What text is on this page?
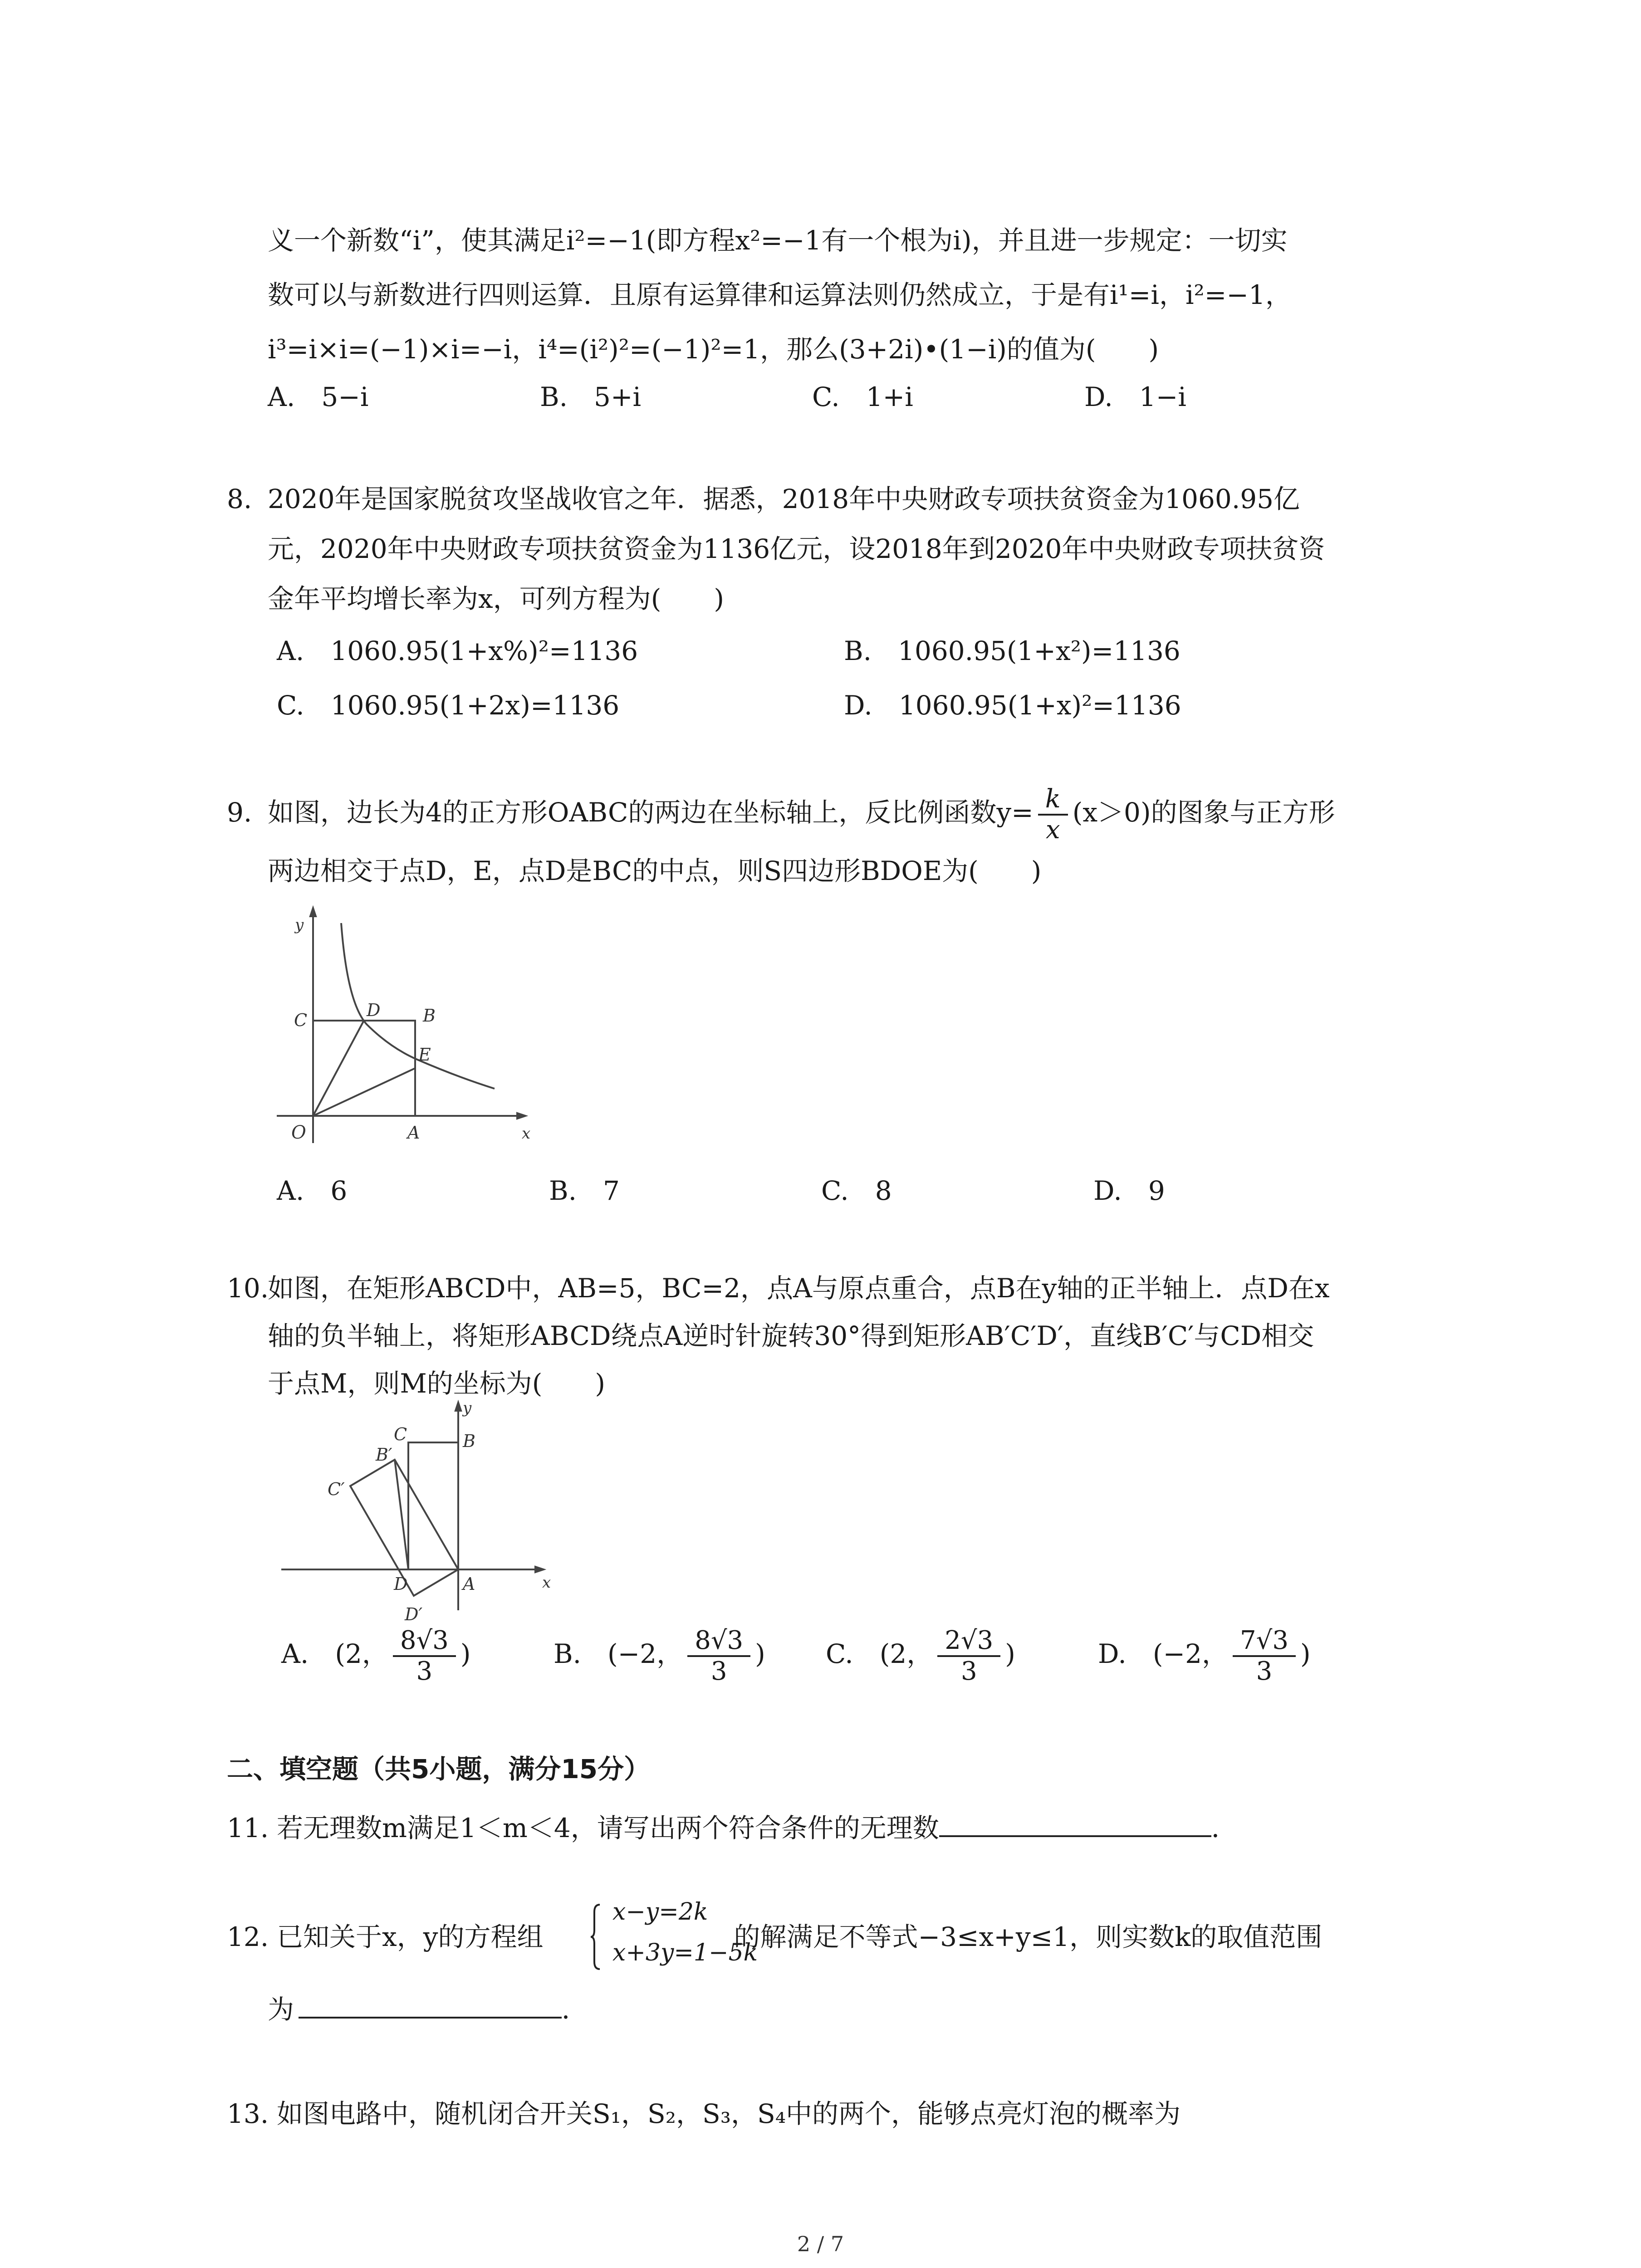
义一个新数“i”，使其满足i²=−1(即方程x²=−1有一个根为i)，并且进一步规定：一切实
数可以与新数进行四则运算．且原有运算律和运算法则仍然成立，于是有i¹=i，i²=−1，
i³=i×i=(−1)×i=−i，i⁴=(i²)²=(−1)²=1，那么(3+2i)•(1−i)的值为(　　)
A.　5−i	B.　5+i	C.　1+i	D.　1−i
8. 2020年是国家脱贫攻坚战收官之年．据悉，2018年中央财政专项扶贫资金为1060.95亿
元，2020年中央财政专项扶贫资金为1136亿元，设2018年到2020年中央财政专项扶贫资
金年平均增长率为x，可列方程为(　　)
A.　1060.95(1+x%)²=1136	B.　1060.95(1+x²)=1136
C.　1060.95(1+2x)=1136	D.　1060.95(1+x)²=1136
9. 如图，边长为4的正方形OABC的两边在坐标轴上，反比例函数$y= \frac{k}{x} (x>0)$的图象与正方形
两边相交于点D，E，点D是BC的中点，则S四边形BDOE为(　　)
y
x
O	A
B
C	D
E
A.　6	B.　7	C.　8	D.　9
10.如图，在矩形ABCD中，AB=5，BC=2，点A与原点重合，点B在y轴的正半轴上．点D在x
轴的负半轴上，将矩形ABCD绕点A逆时针旋转30°得到矩形AB′C′D′，直线B′C′与CD相交
于点M，则M的坐标为(　　)
y
x
A
B
C
D
B′
C′
D′
A.　(2， $\frac{8√3}{3}$ )	B.　(−2， $\frac{8√3}{3}$ ) C.　(2， $\frac{2√3}{3}$ )	D.　(−2， $\frac{7√3}{3}$ )
二、填空题（共5小题，满分15分）
11. 若无理数m满足1＜m＜4，请写出两个符合条件的无理数	．
12. 已知关于x，y的方程组	的解满足不等式−3≤x+y≤1，则实数k的取值范围
x−y=2k
x+3y=1−5k
为	．
13. 如图电路中，随机闭合开关S₁，S₂，S₃，S₄中的两个，能够点亮灯泡的概率为
2 / 7
